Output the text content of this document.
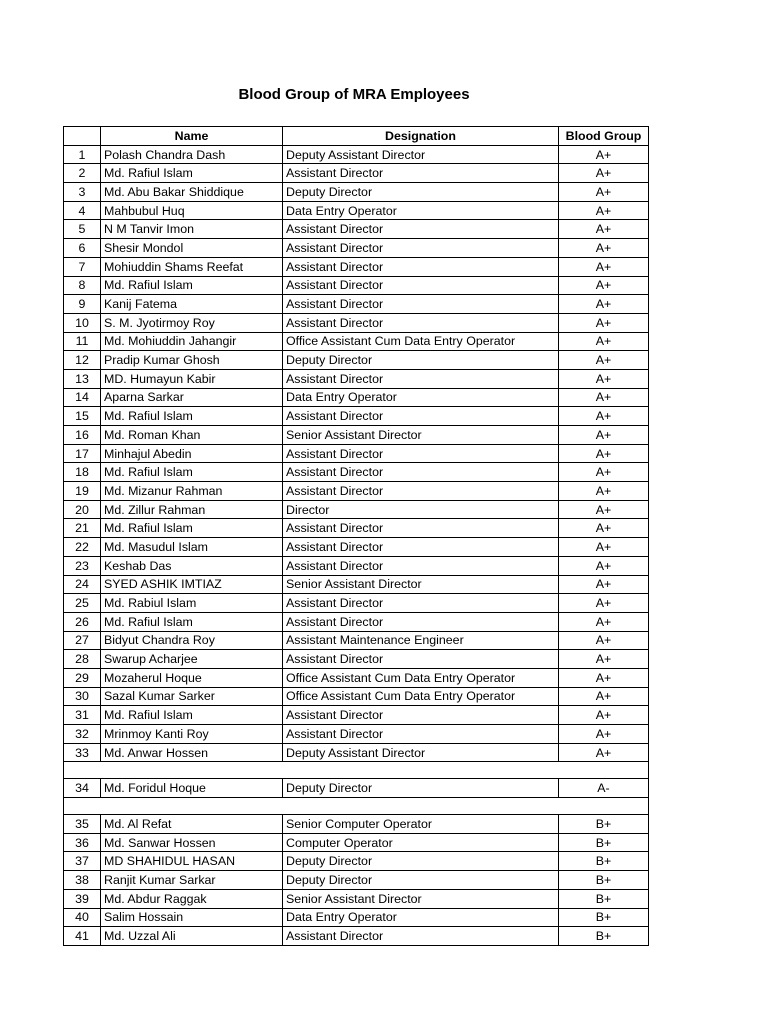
Blood Group of MRA Employees
	Name	Designation	Blood Group
1	Polash Chandra Dash	Deputy Assistant Director	A+
2	Md. Rafiul Islam	Assistant Director	A+
3	Md. Abu Bakar Shiddique	Deputy Director	A+
4	Mahbubul Huq	Data Entry Operator	A+
5	N M Tanvir Imon	Assistant Director	A+
6	Shesir Mondol	Assistant Director	A+
7	Mohiuddin Shams Reefat	Assistant Director	A+
8	Md. Rafiul Islam	Assistant Director	A+
9	Kanij Fatema	Assistant Director	A+
10	S. M. Jyotirmoy Roy	Assistant Director	A+
11	Md. Mohiuddin Jahangir	Office Assistant Cum Data Entry Operator	A+
12	Pradip Kumar Ghosh	Deputy Director	A+
13	MD. Humayun Kabir	Assistant Director	A+
14	Aparna Sarkar	Data Entry Operator	A+
15	Md. Rafiul Islam	Assistant Director	A+
16	Md. Roman Khan	Senior Assistant Director	A+
17	Minhajul Abedin	Assistant Director	A+
18	Md. Rafiul Islam	Assistant Director	A+
19	Md. Mizanur Rahman	Assistant Director	A+
20	Md. Zillur Rahman	Director	A+
21	Md. Rafiul Islam	Assistant Director	A+
22	Md. Masudul Islam	Assistant Director	A+
23	Keshab Das	Assistant Director	A+
24	SYED ASHIK IMTIAZ	Senior Assistant Director	A+
25	Md. Rabiul Islam	Assistant Director	A+
26	Md. Rafiul Islam	Assistant Director	A+
27	Bidyut Chandra Roy	Assistant Maintenance Engineer	A+
28	Swarup Acharjee	Assistant Director	A+
29	Mozaherul Hoque	Office Assistant Cum Data Entry Operator	A+
30	Sazal Kumar Sarker	Office Assistant Cum Data Entry Operator	A+
31	Md. Rafiul Islam	Assistant Director	A+
32	Mrinmoy Kanti Roy	Assistant Director	A+
33	Md. Anwar Hossen	Deputy Assistant Director	A+

34	Md. Foridul Hoque	Deputy Director	A-

35	Md. Al Refat	Senior Computer Operator	B+
36	Md. Sanwar Hossen	Computer Operator	B+
37	MD SHAHIDUL HASAN	Deputy Director	B+
38	Ranjit Kumar Sarkar	Deputy Director	B+
39	Md. Abdur Raggak	Senior Assistant Director	B+
40	Salim Hossain	Data Entry Operator	B+
41	Md. Uzzal Ali	Assistant Director	B+
